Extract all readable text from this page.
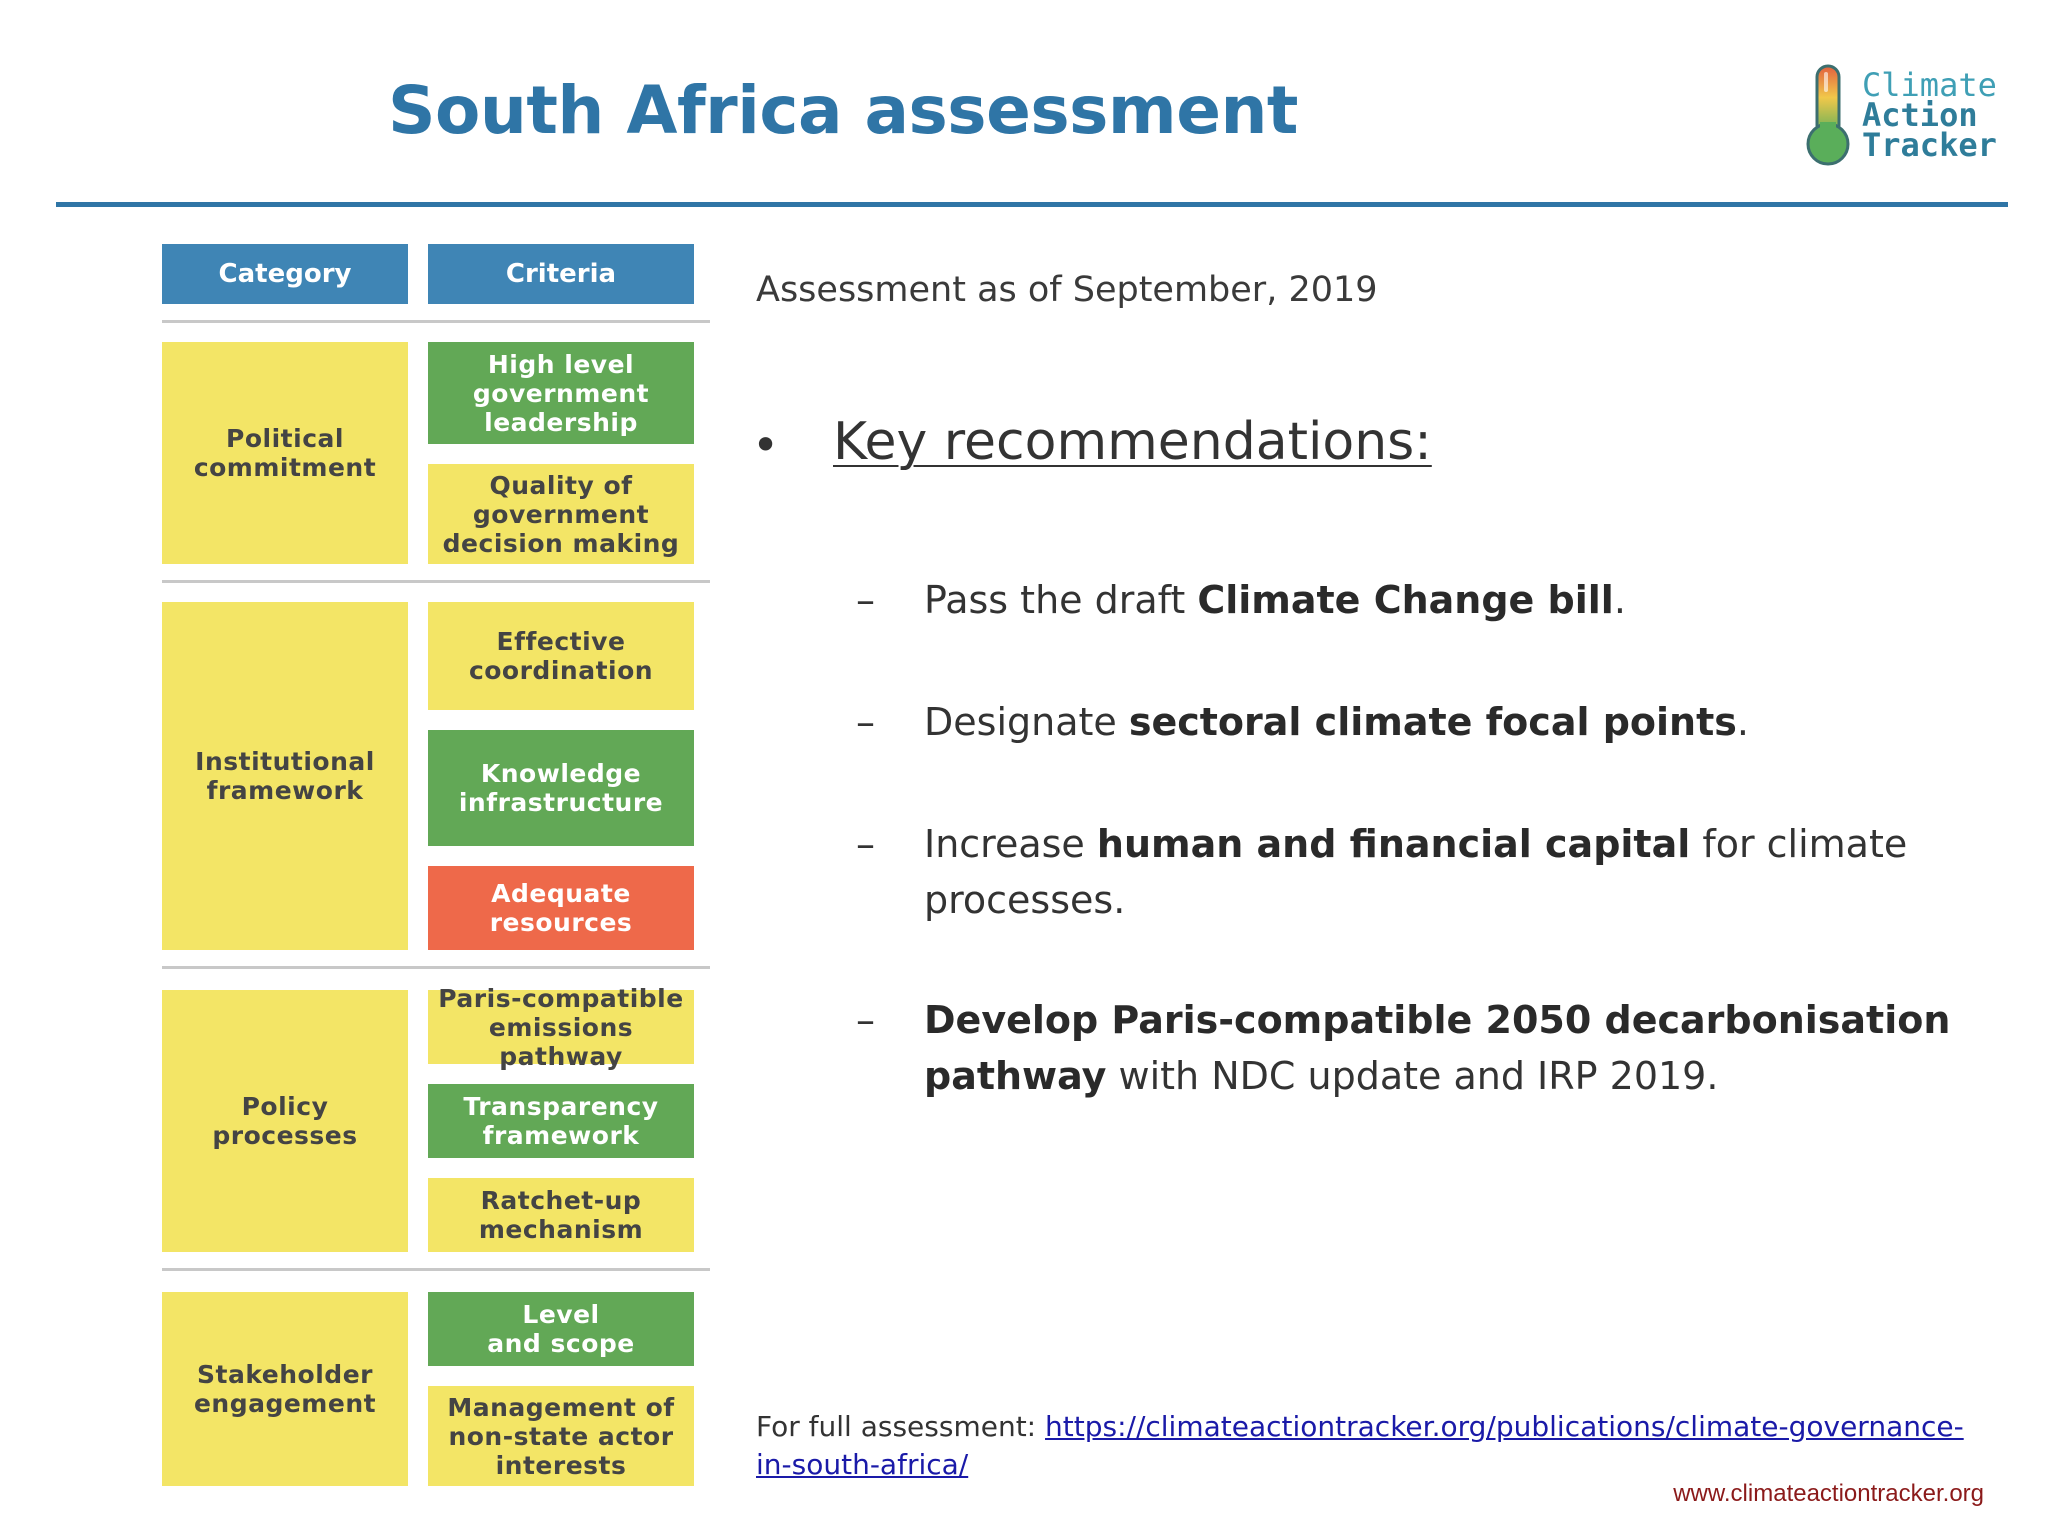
South Africa assessment	Climate
Action
Tracker
Category	Criteria
Political
commitment
High level
government
leadership
Quality of
government
decision making
Institutional
framework
Effective
coordination
Knowledge
infrastructure
Adequate
resources
Policy
processes
Paris-compatible
emissions pathway
Transparency
framework
Ratchet-up
mechanism
Stakeholder
engagement
Level
and scope
Management of
non-state actor
interests
Assessment as of September, 2019
• Key recommendations:
– Pass the draft Climate Change bill.
– Designate sectoral climate focal points.
– Increase human and financial capital for climate processes.
– Develop Paris-compatible 2050 decarbonisation pathway with NDC update and IRP 2019.
For full assessment: https://climateactiontracker.org/publications/climate-governance-in-south-africa/
www.climateactiontracker.org
